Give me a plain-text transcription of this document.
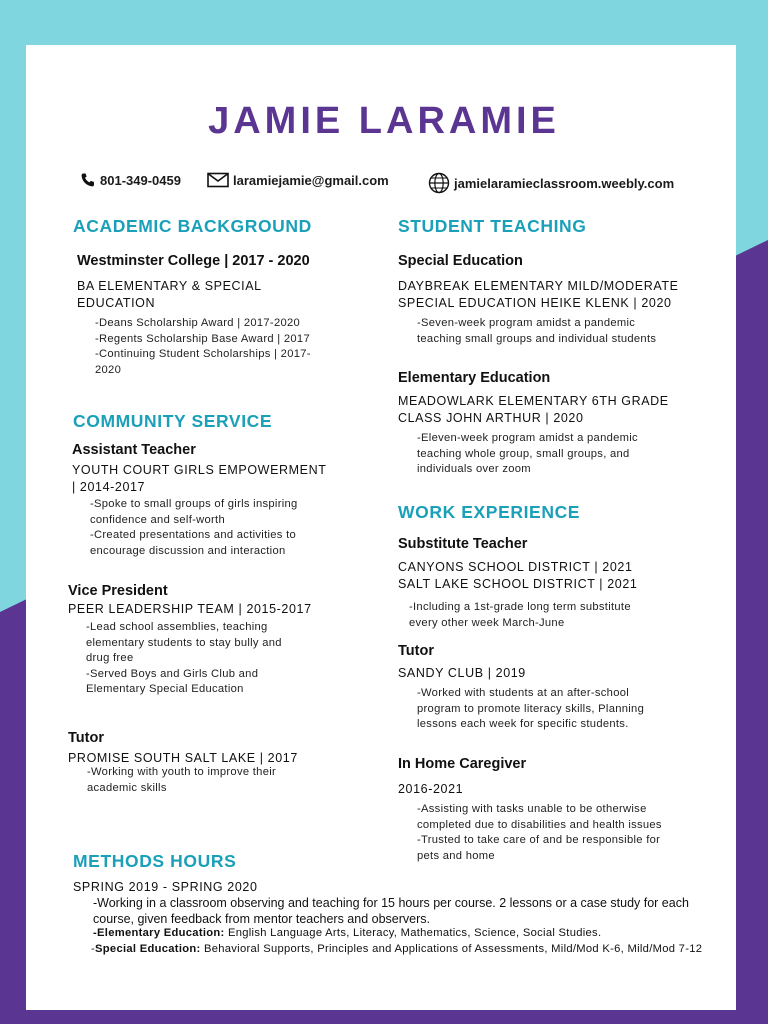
JAMIE LARAMIE
801-349-0459	laramiejamie@gmail.com	jamielaramieclassroom.weebly.com
ACADEMIC BACKGROUND
Westminster College | 2017 - 2020
BA ELEMENTARY & SPECIAL
EDUCATION
-Deans Scholarship Award | 2017-2020
-Regents Scholarship Base Award | 2017
-Continuing Student Scholarships | 2017-
2020
COMMUNITY SERVICE
Assistant Teacher
YOUTH COURT GIRLS EMPOWERMENT
| 2014-2017
-Spoke to small groups of girls inspiring
confidence and self-worth
-Created presentations and activities to
encourage discussion and interaction
Vice President
PEER LEADERSHIP TEAM | 2015-2017
-Lead school assemblies, teaching
elementary students to stay bully and
drug free
-Served Boys and Girls Club and
Elementary Special Education
Tutor
PROMISE SOUTH SALT LAKE | 2017
-Working with youth to improve their
academic skills
STUDENT TEACHING
Special Education
DAYBREAK ELEMENTARY MILD/MODERATE
SPECIAL EDUCATION HEIKE KLENK | 2020
-Seven-week program amidst a pandemic
teaching small groups and individual students
Elementary Education
MEADOWLARK ELEMENTARY 6TH GRADE
CLASS JOHN ARTHUR | 2020
-Eleven-week program amidst a pandemic
teaching whole group, small groups, and
individuals over zoom
WORK EXPERIENCE
Substitute Teacher
CANYONS SCHOOL DISTRICT | 2021
SALT LAKE SCHOOL DISTRICT | 2021
-Including a 1st-grade long term substitute
every other week March-June
Tutor
SANDY CLUB | 2019
-Worked with students at an after-school
program to promote literacy skills, Planning
lessons each week for specific students.
In Home Caregiver
2016-2021
-Assisting with tasks unable to be otherwise
completed due to disabilities and health issues
-Trusted to take care of and be responsible for
pets and home
METHODS HOURS
SPRING 2019 - SPRING 2020
-Working in a classroom observing and teaching for 15 hours per course. 2 lessons or a case study for each course, given feedback from mentor teachers and observers.
-Elementary Education: English Language Arts, Literacy, Mathematics, Science, Social Studies.
-Special Education: Behavioral Supports, Principles and Applications of Assessments, Mild/Mod K-6, Mild/Mod 7-12
